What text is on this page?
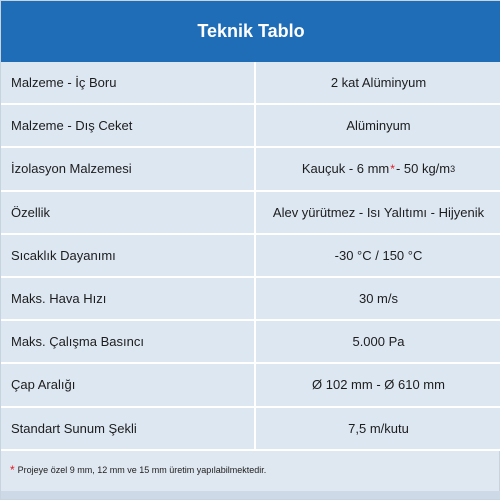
Teknik Tablo
Malzeme - İç Boru	2 kat Alüminyum
Malzeme - Dış Ceket	Alüminyum
İzolasyon Malzemesi	Kauçuk - 6 mm * - 50 kg/m 3
Özellik	Alev yürütmez - Isı Yalıtımı - Hijyenik
Sıcaklık Dayanımı	-30 °C / 150 °C
Maks. Hava Hızı	30 m/s
Maks. Çalışma Basıncı	5.000 Pa
Çap Aralığı	Ø 102 mm - Ø 610 mm
Standart Sunum Şekli	7,5 m/kutu
* Projeye özel 9 mm, 12 mm ve 15 mm üretim yapılabilmektedir.
